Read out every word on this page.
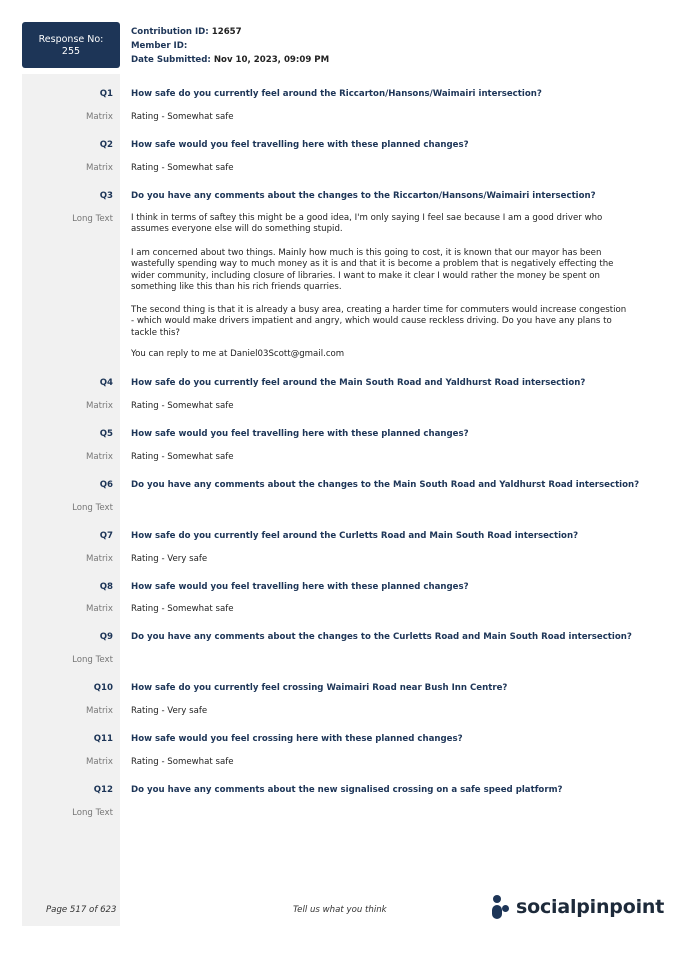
Response No:
255
Contribution ID: 12657
Member ID:
Date Submitted: Nov 10, 2023, 09:09 PM
Q1 How safe do you currently feel around the Riccarton/Hansons/Waimairi intersection?
Matrix Rating - Somewhat safe
Q2 How safe would you feel travelling here with these planned changes?
Matrix Rating - Somewhat safe
Q3 Do you have any comments about the changes to the Riccarton/Hansons/Waimairi intersection?
Long Text I think in terms of saftey this might be a good idea, I'm only saying I feel sae because I am a good driver who assumes everyone else will do something stupid.
I am concerned about two things. Mainly how much is this going to cost, it is known that our mayor has been wastefully spending way to much money as it is and that it is become a problem that is negatively effecting the wider community, including closure of libraries. I want to make it clear I would rather the money be spent on something like this than his rich friends quarries.
The second thing is that it is already a busy area, creating a harder time for commuters would increase congestion - which would make drivers impatient and angry, which would cause reckless driving. Do you have any plans to tackle this?
You can reply to me at Daniel03Scott@gmail.com
Q4 How safe do you currently feel around the Main South Road and Yaldhurst Road intersection?
Matrix Rating - Somewhat safe
Q5 How safe would you feel travelling here with these planned changes?
Matrix Rating - Somewhat safe
Q6 Do you have any comments about the changes to the Main South Road and Yaldhurst Road intersection?
Long Text
Q7 How safe do you currently feel around the Curletts Road and Main South Road intersection?
Matrix Rating - Very safe
Q8 How safe would you feel travelling here with these planned changes?
Matrix Rating - Somewhat safe
Q9 Do you have any comments about the changes to the Curletts Road and Main South Road intersection?
Long Text
Q10 How safe do you currently feel crossing Waimairi Road near Bush Inn Centre?
Matrix Rating - Very safe
Q11 How safe would you feel crossing here with these planned changes?
Matrix Rating - Somewhat safe
Q12 Do you have any comments about the new signalised crossing on a safe speed platform?
Long Text
Page 517 of 623	Tell us what you think	socialpinpoint
